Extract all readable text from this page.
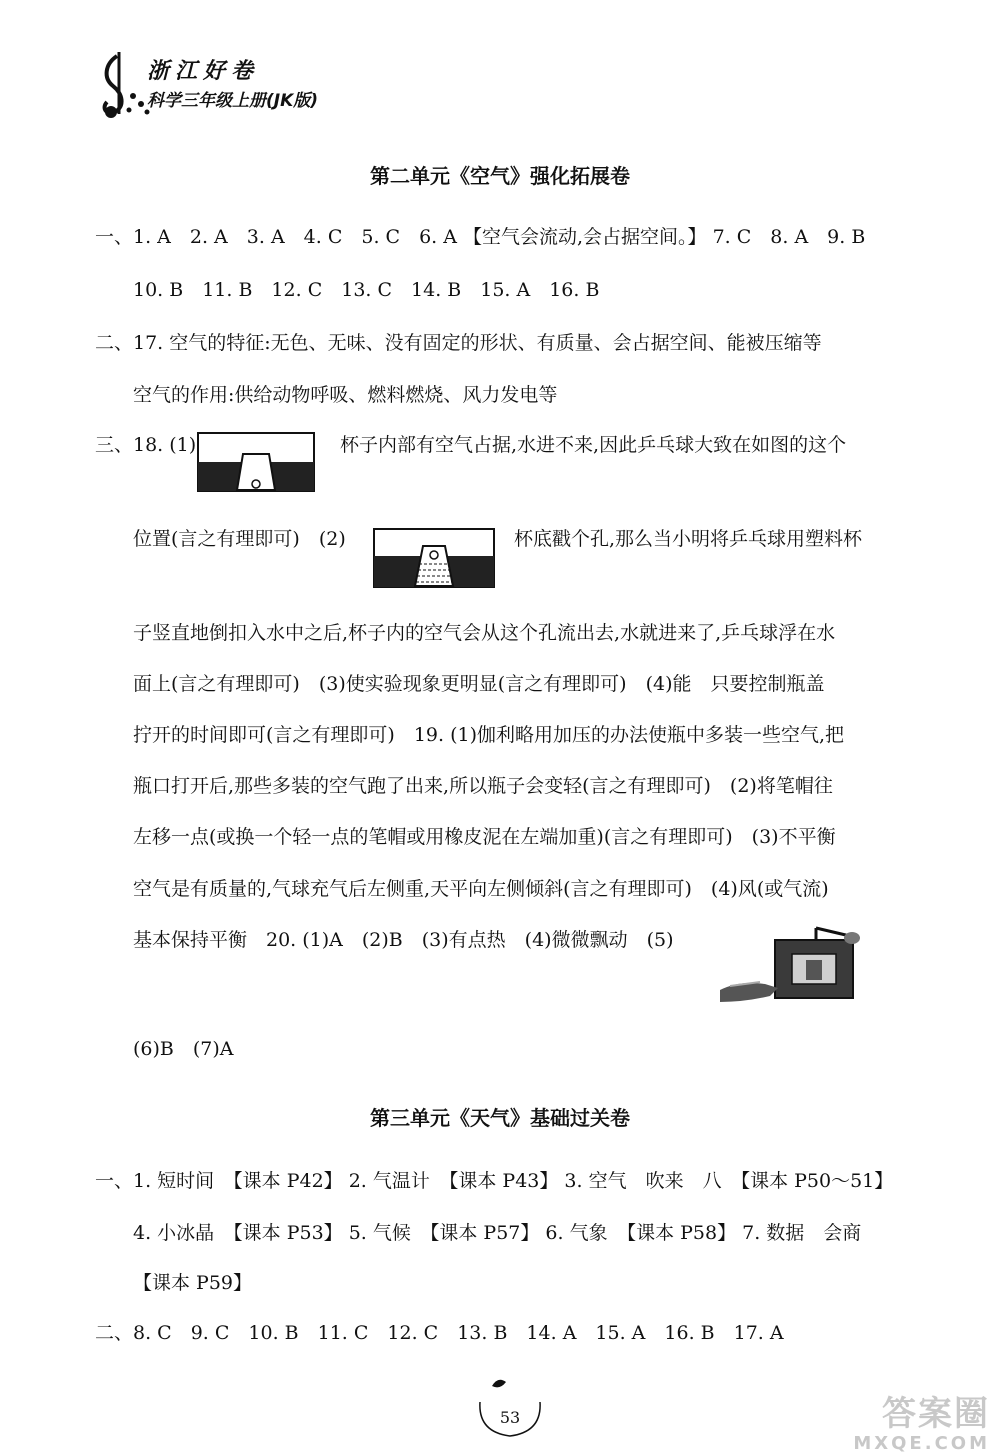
浙江好卷
科学三年级上册(JK版)
第二单元《空气》强化拓展卷
一、1. A　2. A　3. A　4. C　5. C　6. A 【空气会流动,会占据空间。】 7. C　8. A　9. B
10. B　11. B　12. C　13. C　14. B　15. A　16. B
二、17. 空气的特征:无色、无味、没有固定的形状、有质量、会占据空间、能被压缩等
空气的作用:供给动物呼吸、燃料燃烧、风力发电等
三、18. (1)	杯子内部有空气占据,水进不来,因此乒乓球大致在如图的这个
位置(言之有理即可)　(2)	杯底戳个孔,那么当小明将乒乓球用塑料杯
子竖直地倒扣入水中之后,杯子内的空气会从这个孔流出去,水就进来了,乒乓球浮在水
面上(言之有理即可)　(3)使实验现象更明显(言之有理即可)　(4)能　只要控制瓶盖
拧开的时间即可(言之有理即可)　19. (1)伽利略用加压的办法使瓶中多装一些空气,把
瓶口打开后,那些多装的空气跑了出来,所以瓶子会变轻(言之有理即可)　(2)将笔帽往
左移一点(或换一个轻一点的笔帽或用橡皮泥在左端加重)(言之有理即可)　(3)不平衡
空气是有质量的,气球充气后左侧重,天平向左侧倾斜(言之有理即可)　(4)风(或气流)
基本保持平衡　20. (1)A　(2)B　(3)有点热　(4)微微飘动　(5)
(6)B　(7)A
第三单元《天气》基础过关卷
一、1. 短时间　【课本 P42】 2. 气温计　【课本 P43】 3. 空气　吹来　八　【课本 P50～51】
4. 小冰晶　【课本 P53】 5. 气候　【课本 P57】 6. 气象　【课本 P58】 7. 数据　会商
【课本 P59】
二、8. C　9. C　10. B　11. C　12. C　13. B　14. A　15. A　16. B　17. A
53	答案圈
MXQE.COM
